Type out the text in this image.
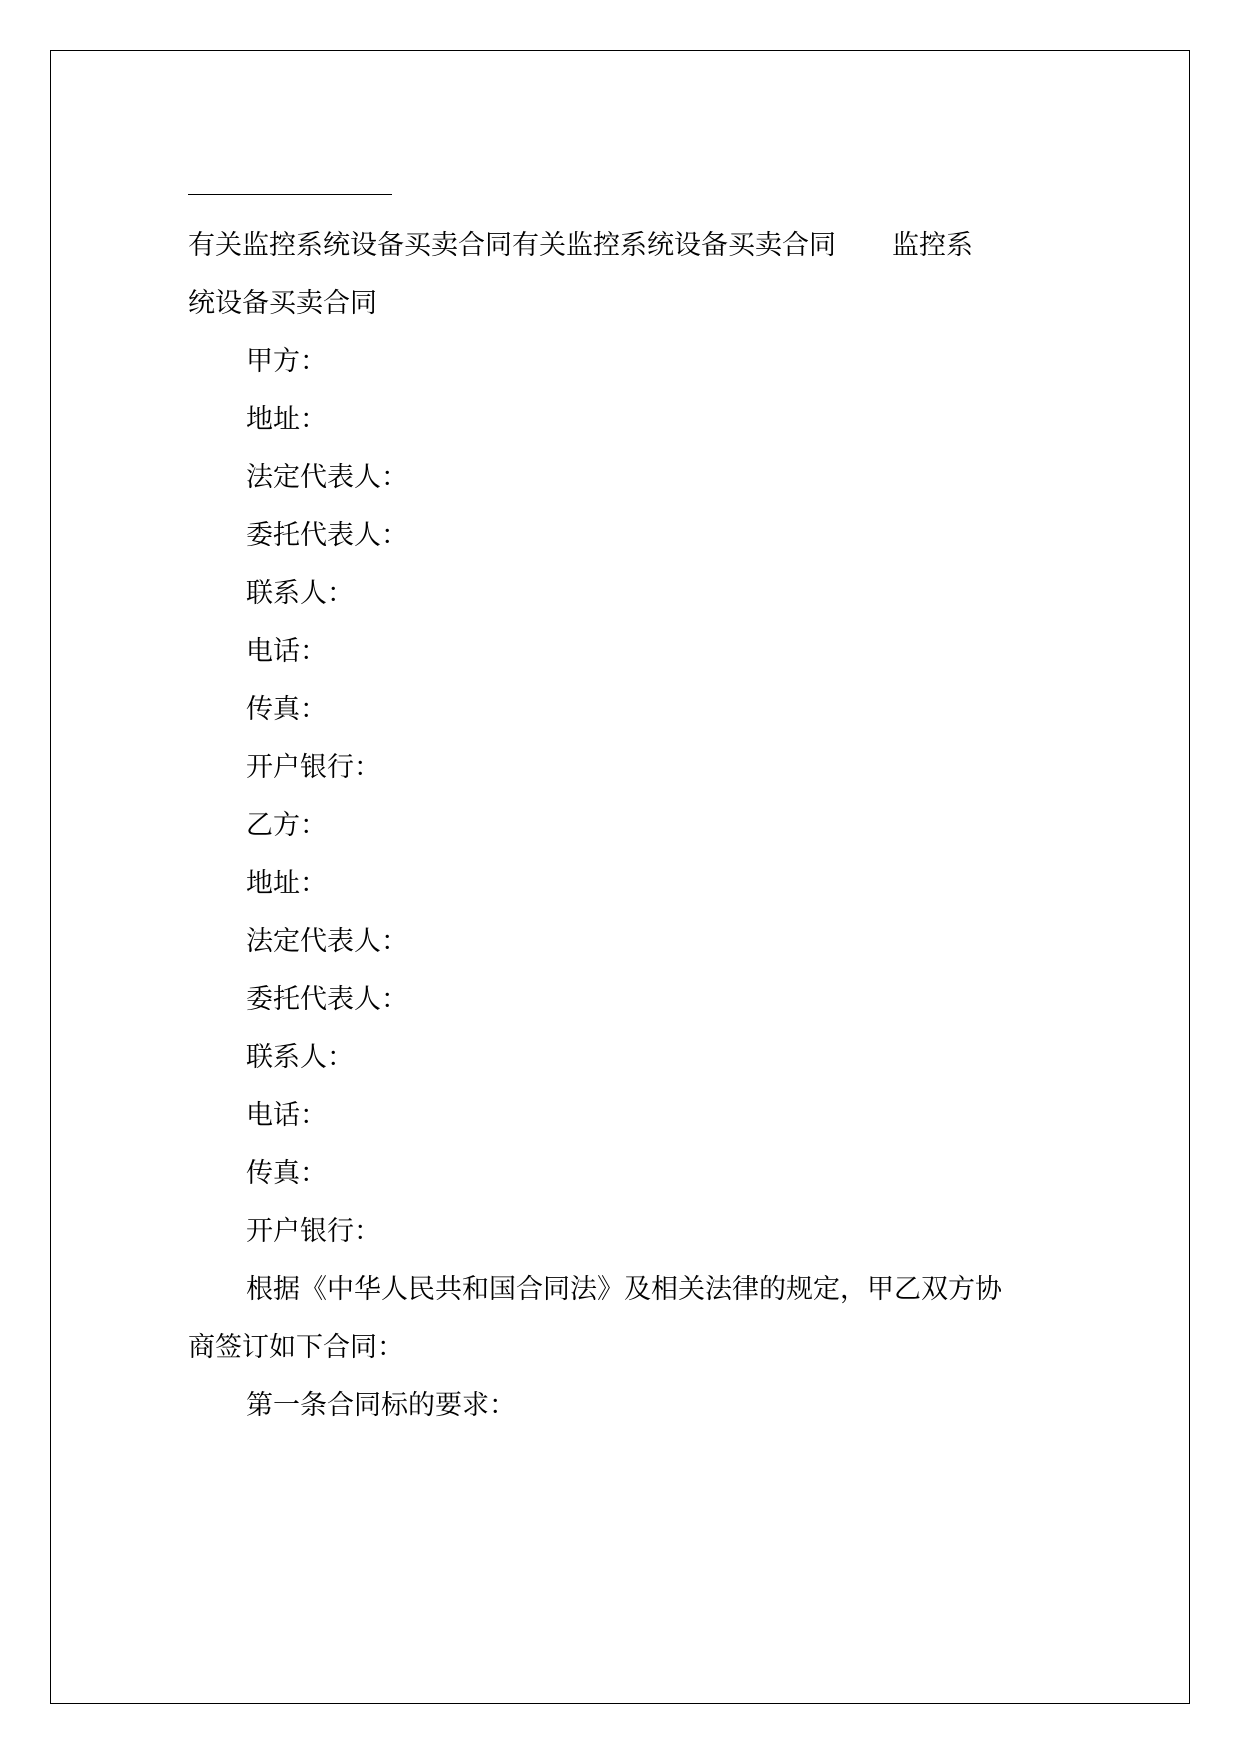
有关监控系统设备买卖合同有关监控系统设备买卖合同 监控系
统设备买卖合同
甲方：
地址：
法定代表人：
委托代表人：
联系人：
电话：
传真：
开户银行：
乙方：
地址：
法定代表人：
委托代表人：
联系人：
电话：
传真：
开户银行：
根据《中华人民共和国合同法》及相关法律的规定，甲乙双方协
商签订如下合同：
第一条合同标的要求：
